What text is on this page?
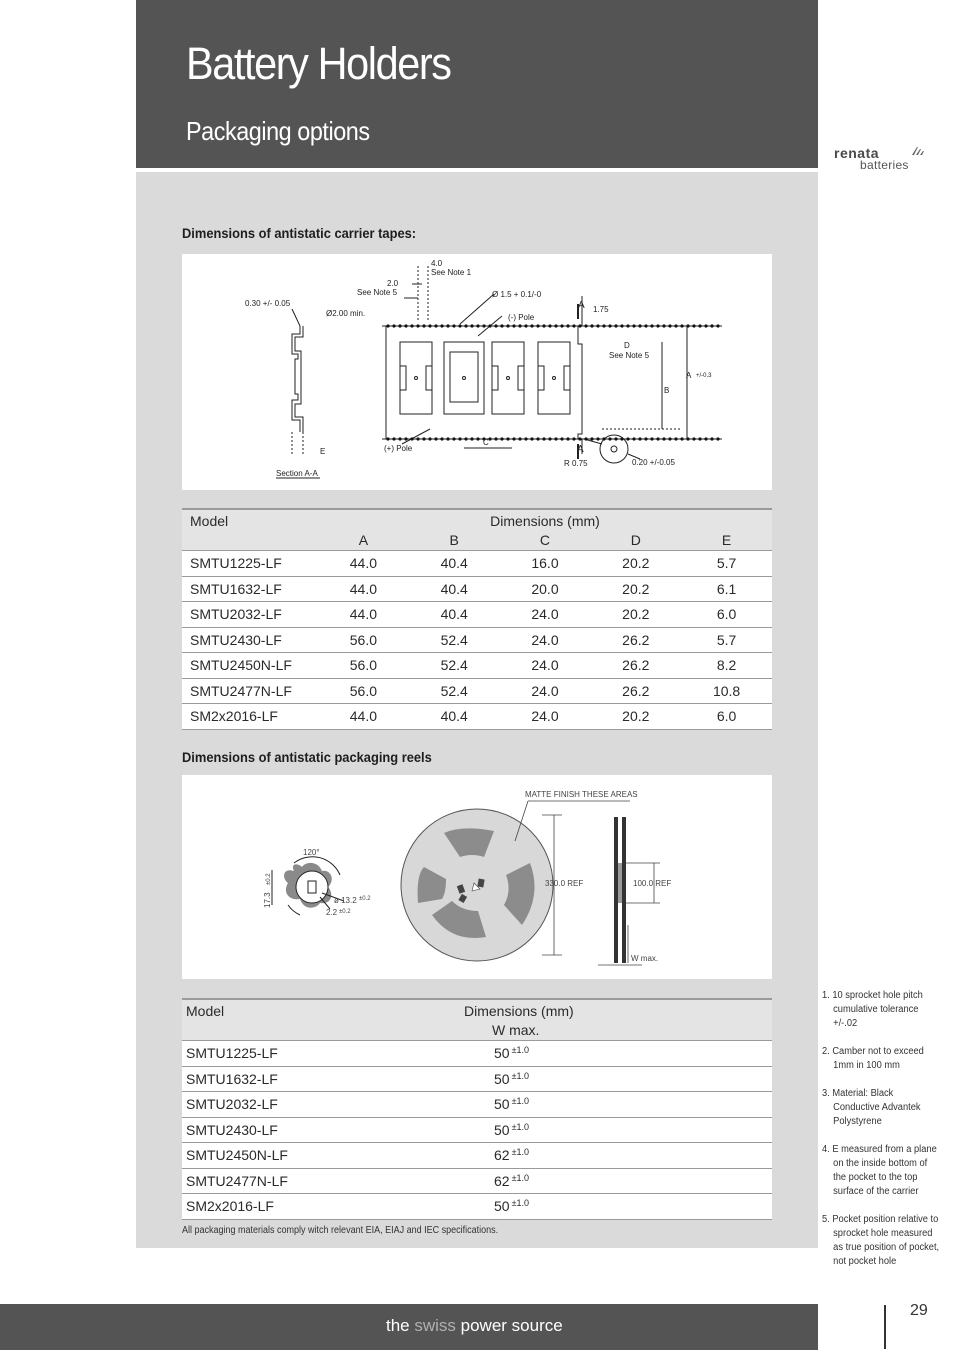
Battery Holders
Packaging options
renata
batteries
Dimensions of antistatic carrier tapes:
4.0
See Note 1
2.0
See Note 5	Ø 1.5 + 0.1/-0
0.30 +/- 0.05
Ø2.00 min.	(-) Pole
A 1.75
D
See Note 5
A +/-0.3
B
E	(+) Pole
C
A
R 0.75	0.20 +/-0.05
Section A-A
Model	Dimensions (mm)				
	A	B	C	D	E
SMTU1225-LF	44.0	40.4	16.0	20.2	5.7
SMTU1632-LF	44.0	40.4	20.0	20.2	6.1
SMTU2032-LF	44.0	40.4	24.0	20.2	6.0
SMTU2430-LF	56.0	52.4	24.0	26.2	5.7
SMTU2450N-LF	56.0	52.4	24.0	26.2	8.2
SMTU2477N-LF	56.0	52.4	24.0	26.2	10.8
SM2x2016-LF	44.0	40.4	24.0	20.2	6.0
Dimensions of antistatic packaging reels
MATTE FINISH THESE AREAS
120°
17.3
±0.2
ø 13.2 ±0.2
2.2 ±0.2
330.0 REF	100.0 REF
W max.
Model	Dimensions (mm)
	W max.
SMTU1225-LF	50 $^{\pm 1.0}$
SMTU1632-LF	50 $^{\pm 1.0}$
SMTU2032-LF	50 $^{\pm 1.0}$
SMTU2430-LF	50 $^{\pm 1.0}$
SMTU2450N-LF	62 $^{\pm 1.0}$
SMTU2477N-LF	62 $^{\pm 1.0}$
SM2x2016-LF	50 $^{\pm 1.0}$
All packaging materials comply witch relevant EIA, EIAJ and IEC specifications.
1. 10 sprocket hole pitch cumulative tolerance +/-.02
2. Camber not to exceed 1mm in 100 mm
3. Material: Black Conductive Advantek Polystyrene
4. E measured from a plane on the inside bottom of the pocket to the top surface of the carrier
5. Pocket position relative to sprocket hole measured as true position of pocket, not pocket hole
the swiss power source
29
